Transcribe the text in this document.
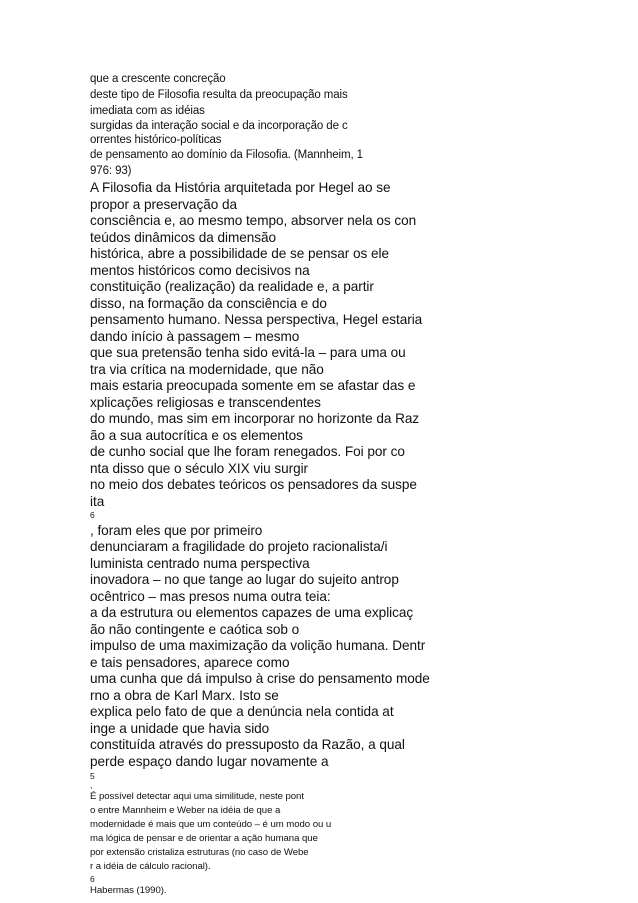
que a crescente concreção
deste tipo de Filosofia resulta da preocupação mais
imediata com as idéias
surgidas da interação social e da incorporação de c
orrentes histórico-políticas
de pensamento ao domínio da Filosofia. (Mannheim, 1
976: 93)
A Filosofia da História arquitetada por Hegel ao se
propor a preservação da
consciência e, ao mesmo tempo, absorver nela os con
teúdos dinâmicos da dimensão
histórica, abre a possibilidade de se pensar os ele
mentos históricos como decisivos na
constituição (realização) da realidade e, a partir
disso, na formação da consciência e do
pensamento humano. Nessa perspectiva, Hegel estaria
dando início à passagem – mesmo
que sua pretensão tenha sido evitá-la – para uma ou
tra via crítica na modernidade, que não
mais estaria preocupada somente em se afastar das e
xplicações religiosas e transcendentes
do mundo, mas sim em incorporar no horizonte da Raz
ão a sua autocrítica e os elementos
de cunho social que lhe foram renegados. Foi por co
nta disso que o século XIX viu surgir
no meio dos debates teóricos os pensadores da suspe
ita
6
, foram eles que por primeiro
denunciaram a fragilidade do projeto racionalista/i
luminista centrado numa perspectiva
inovadora – no que tange ao lugar do sujeito antrop
ocêntrico – mas presos numa outra teia:
a da estrutura ou elementos capazes de uma explicaç
ão não contingente e caótica sob o
impulso de uma maximização da volição humana. Dentr
e tais pensadores, aparece como
uma cunha que dá impulso à crise do pensamento mode
rno a obra de Karl Marx. Isto se
explica pelo fato de que a denúncia nela contida at
inge a unidade que havia sido
constituída através do pressuposto da Razão, a qual
perde espaço dando lugar novamente a
5
,
É possível detectar aqui uma similitude, neste pont
o entre Mannheim e Weber na idéia de que a
modernidade é mais que um conteúdo – é um modo ou u
ma lógica de pensar e de orientar a ação humana que
por extensão cristaliza estruturas (no caso de Webe
r a idéia de cálculo racional).
6
Habermas (1990).
